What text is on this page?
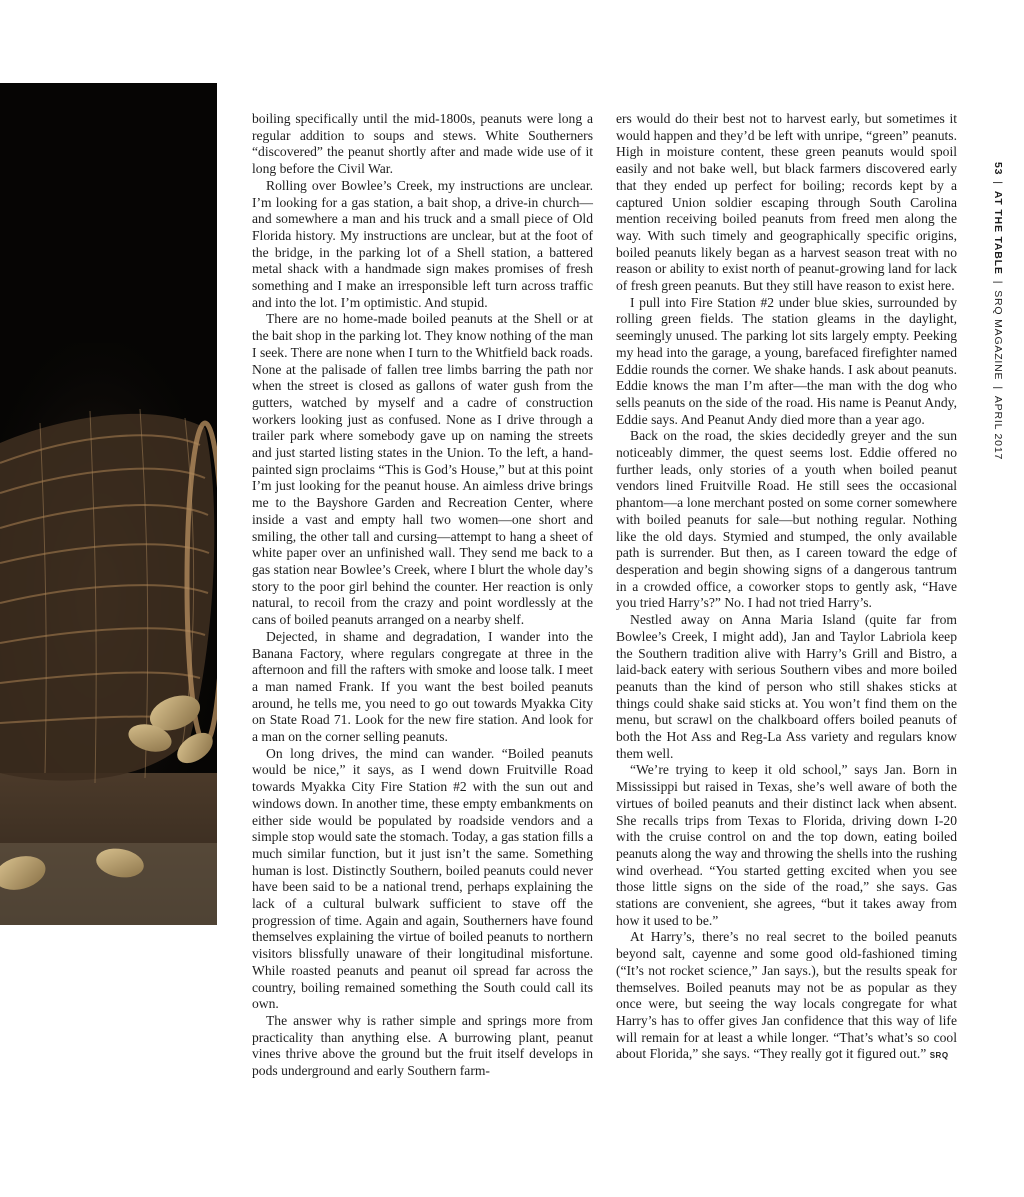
boiling specifically until the mid-1800s, peanuts were long a regular addition to soups and stews. White Southerners “discovered” the peanut shortly after and made wide use of it long before the Civil War.

Rolling over Bowlee’s Creek, my instructions are unclear. I’m looking for a gas station, a bait shop, a drive-in church—and somewhere a man and his truck and a small piece of Old Florida history. My instructions are unclear, but at the foot of the bridge, in the parking lot of a Shell station, a battered metal shack with a handmade sign makes promises of fresh something and I make an irresponsible left turn across traffic and into the lot. I’m optimistic. And stupid.

There are no home-made boiled peanuts at the Shell or at the bait shop in the parking lot. They know nothing of the man I seek. There are none when I turn to the Whitfield back roads. None at the palisade of fallen tree limbs barring the path nor when the street is closed as gallons of water gush from the gutters, watched by myself and a cadre of construction workers looking just as confused. None as I drive through a trailer park where somebody gave up on naming the streets and just started listing states in the Union. To the left, a hand-painted sign proclaims “This is God’s House,” but at this point I’m just looking for the peanut house. An aimless drive brings me to the Bayshore Garden and Recreation Center, where inside a vast and empty hall two women—one short and smiling, the other tall and cursing—attempt to hang a sheet of white paper over an unfinished wall. They send me back to a gas station near Bowlee’s Creek, where I blurt the whole day’s story to the poor girl behind the counter. Her reaction is only natural, to recoil from the crazy and point wordlessly at the cans of boiled peanuts arranged on a nearby shelf.

Dejected, in shame and degradation, I wander into the Banana Factory, where regulars congregate at three in the afternoon and fill the rafters with smoke and loose talk. I meet a man named Frank. If you want the best boiled peanuts around, he tells me, you need to go out towards Myakka City on State Road 71. Look for the new fire station. And look for a man on the corner selling peanuts.

On long drives, the mind can wander. “Boiled peanuts would be nice,” it says, as I wend down Fruitville Road towards Myakka City Fire Station #2 with the sun out and windows down. In another time, these empty embankments on either side would be populated by roadside vendors and a simple stop would sate the stomach. Today, a gas station fills a much similar function, but it just isn’t the same. Something human is lost. Distinctly Southern, boiled peanuts could never have been said to be a national trend, perhaps explaining the lack of a cultural bulwark sufficient to stave off the progression of time. Again and again, Southerners have found themselves explaining the virtue of boiled peanuts to northern visitors blissfully unaware of their longitudinal misfortune. While roasted peanuts and peanut oil spread far across the country, boiling remained something the South could call its own.

The answer why is rather simple and springs more from practicality than anything else. A burrowing plant, peanut vines thrive above the ground but the fruit itself develops in pods underground and early Southern farm-

ers would do their best not to harvest early, but sometimes it would happen and they’d be left with unripe, “green” peanuts. High in moisture content, these green peanuts would spoil easily and not bake well, but black farmers discovered early that they ended up perfect for boiling; records kept by a captured Union soldier escaping through South Carolina mention receiving boiled peanuts from freed men along the way. With such timely and geographically specific origins, boiled peanuts likely began as a harvest season treat with no reason or ability to exist north of peanut-growing land for lack of fresh green peanuts. But they still have reason to exist here.

I pull into Fire Station #2 under blue skies, surrounded by rolling green fields. The station gleams in the daylight, seemingly unused. The parking lot sits largely empty. Peeking my head into the garage, a young, barefaced firefighter named Eddie rounds the corner. We shake hands. I ask about peanuts. Eddie knows the man I’m after—the man with the dog who sells peanuts on the side of the road. His name is Peanut Andy, Eddie says. And Peanut Andy died more than a year ago.

Back on the road, the skies decidedly greyer and the sun noticeably dimmer, the quest seems lost. Eddie offered no further leads, only stories of a youth when boiled peanut vendors lined Fruitville Road. He still sees the occasional phantom—a lone merchant posted on some corner somewhere with boiled peanuts for sale—but nothing regular. Nothing like the old days. Stymied and stumped, the only available path is surrender. But then, as I careen toward the edge of desperation and begin showing signs of a dangerous tantrum in a crowded office, a coworker stops to gently ask, “Have you tried Harry’s?” No. I had not tried Harry’s.

Nestled away on Anna Maria Island (quite far from Bowlee’s Creek, I might add), Jan and Taylor Labriola keep the Southern tradition alive with Harry’s Grill and Bistro, a laid-back eatery with serious Southern vibes and more boiled peanuts than the kind of person who still shakes sticks at things could shake said sticks at. You won’t find them on the menu, but scrawl on the chalkboard offers boiled peanuts of both the Hot Ass and Reg-La Ass variety and regulars know them well.

“We’re trying to keep it old school,” says Jan. Born in Mississippi but raised in Texas, she’s well aware of both the virtues of boiled peanuts and their distinct lack when absent. She recalls trips from Texas to Florida, driving down I-20 with the cruise control on and the top down, eating boiled peanuts along the way and throwing the shells into the rushing wind overhead. “You started getting excited when you see those little signs on the side of the road,” she says. Gas stations are convenient, she agrees, “but it takes away from how it used to be.”

At Harry’s, there’s no real secret to the boiled peanuts beyond salt, cayenne and some good old-fashioned timing (“It’s not rocket science,” Jan says.), but the results speak for themselves. Boiled peanuts may not be as popular as they once were, but seeing the way locals congregate for what Harry’s has to offer gives Jan confidence that this way of life will remain for at least a while longer. “That’s what’s so cool about Florida,” she says. “They really got it figured out.” SRQ

53|AT THE TABLE|SRQ MAGAZINE|APRIL 2017
